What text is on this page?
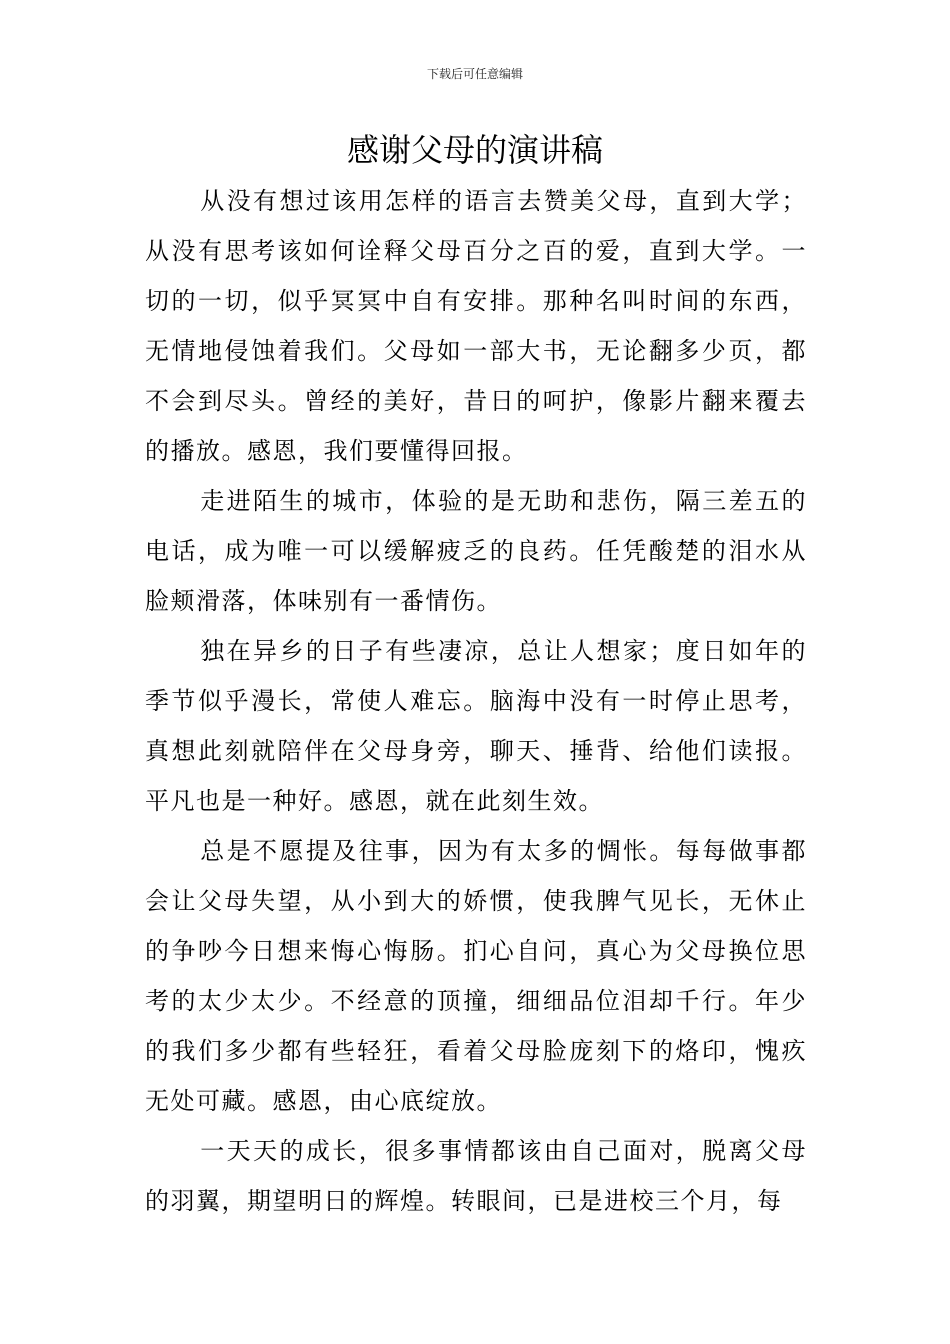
下载后可任意编辑
感谢父母的演讲稿

从没有想过该用怎样的语言去赞美父母，直到大学；从没有思考该如何诠释父母百分之百的爱，直到大学。一切的一切，似乎冥冥中自有安排。那种名叫时间的东西，无情地侵蚀着我们。父母如一部大书，无论翻多少页，都不会到尽头。曾经的美好，昔日的呵护，像影片翻来覆去的播放。感恩，我们要懂得回报。

走进陌生的城市，体验的是无助和悲伤，隔三差五的电话，成为唯一可以缓解疲乏的良药。任凭酸楚的泪水从脸颊滑落，体味别有一番情伤。

独在异乡的日子有些凄凉，总让人想家；度日如年的季节似乎漫长，常使人难忘。脑海中没有一时停止思考，真想此刻就陪伴在父母身旁，聊天、捶背、给他们读报。平凡也是一种好。感恩，就在此刻生效。

总是不愿提及往事，因为有太多的惆怅。每每做事都会让父母失望，从小到大的娇惯，使我脾气见长，无休止的争吵今日想来悔心悔肠。扪心自问，真心为父母换位思考的太少太少。不经意的顶撞，细细品位泪却千行。年少的我们多少都有些轻狂，看着父母脸庞刻下的烙印，愧疚无处可藏。感恩，由心底绽放。

一天天的成长，很多事情都该由自己面对，脱离父母的羽翼，期望明日的辉煌。转眼间，已是进校三个月，每
